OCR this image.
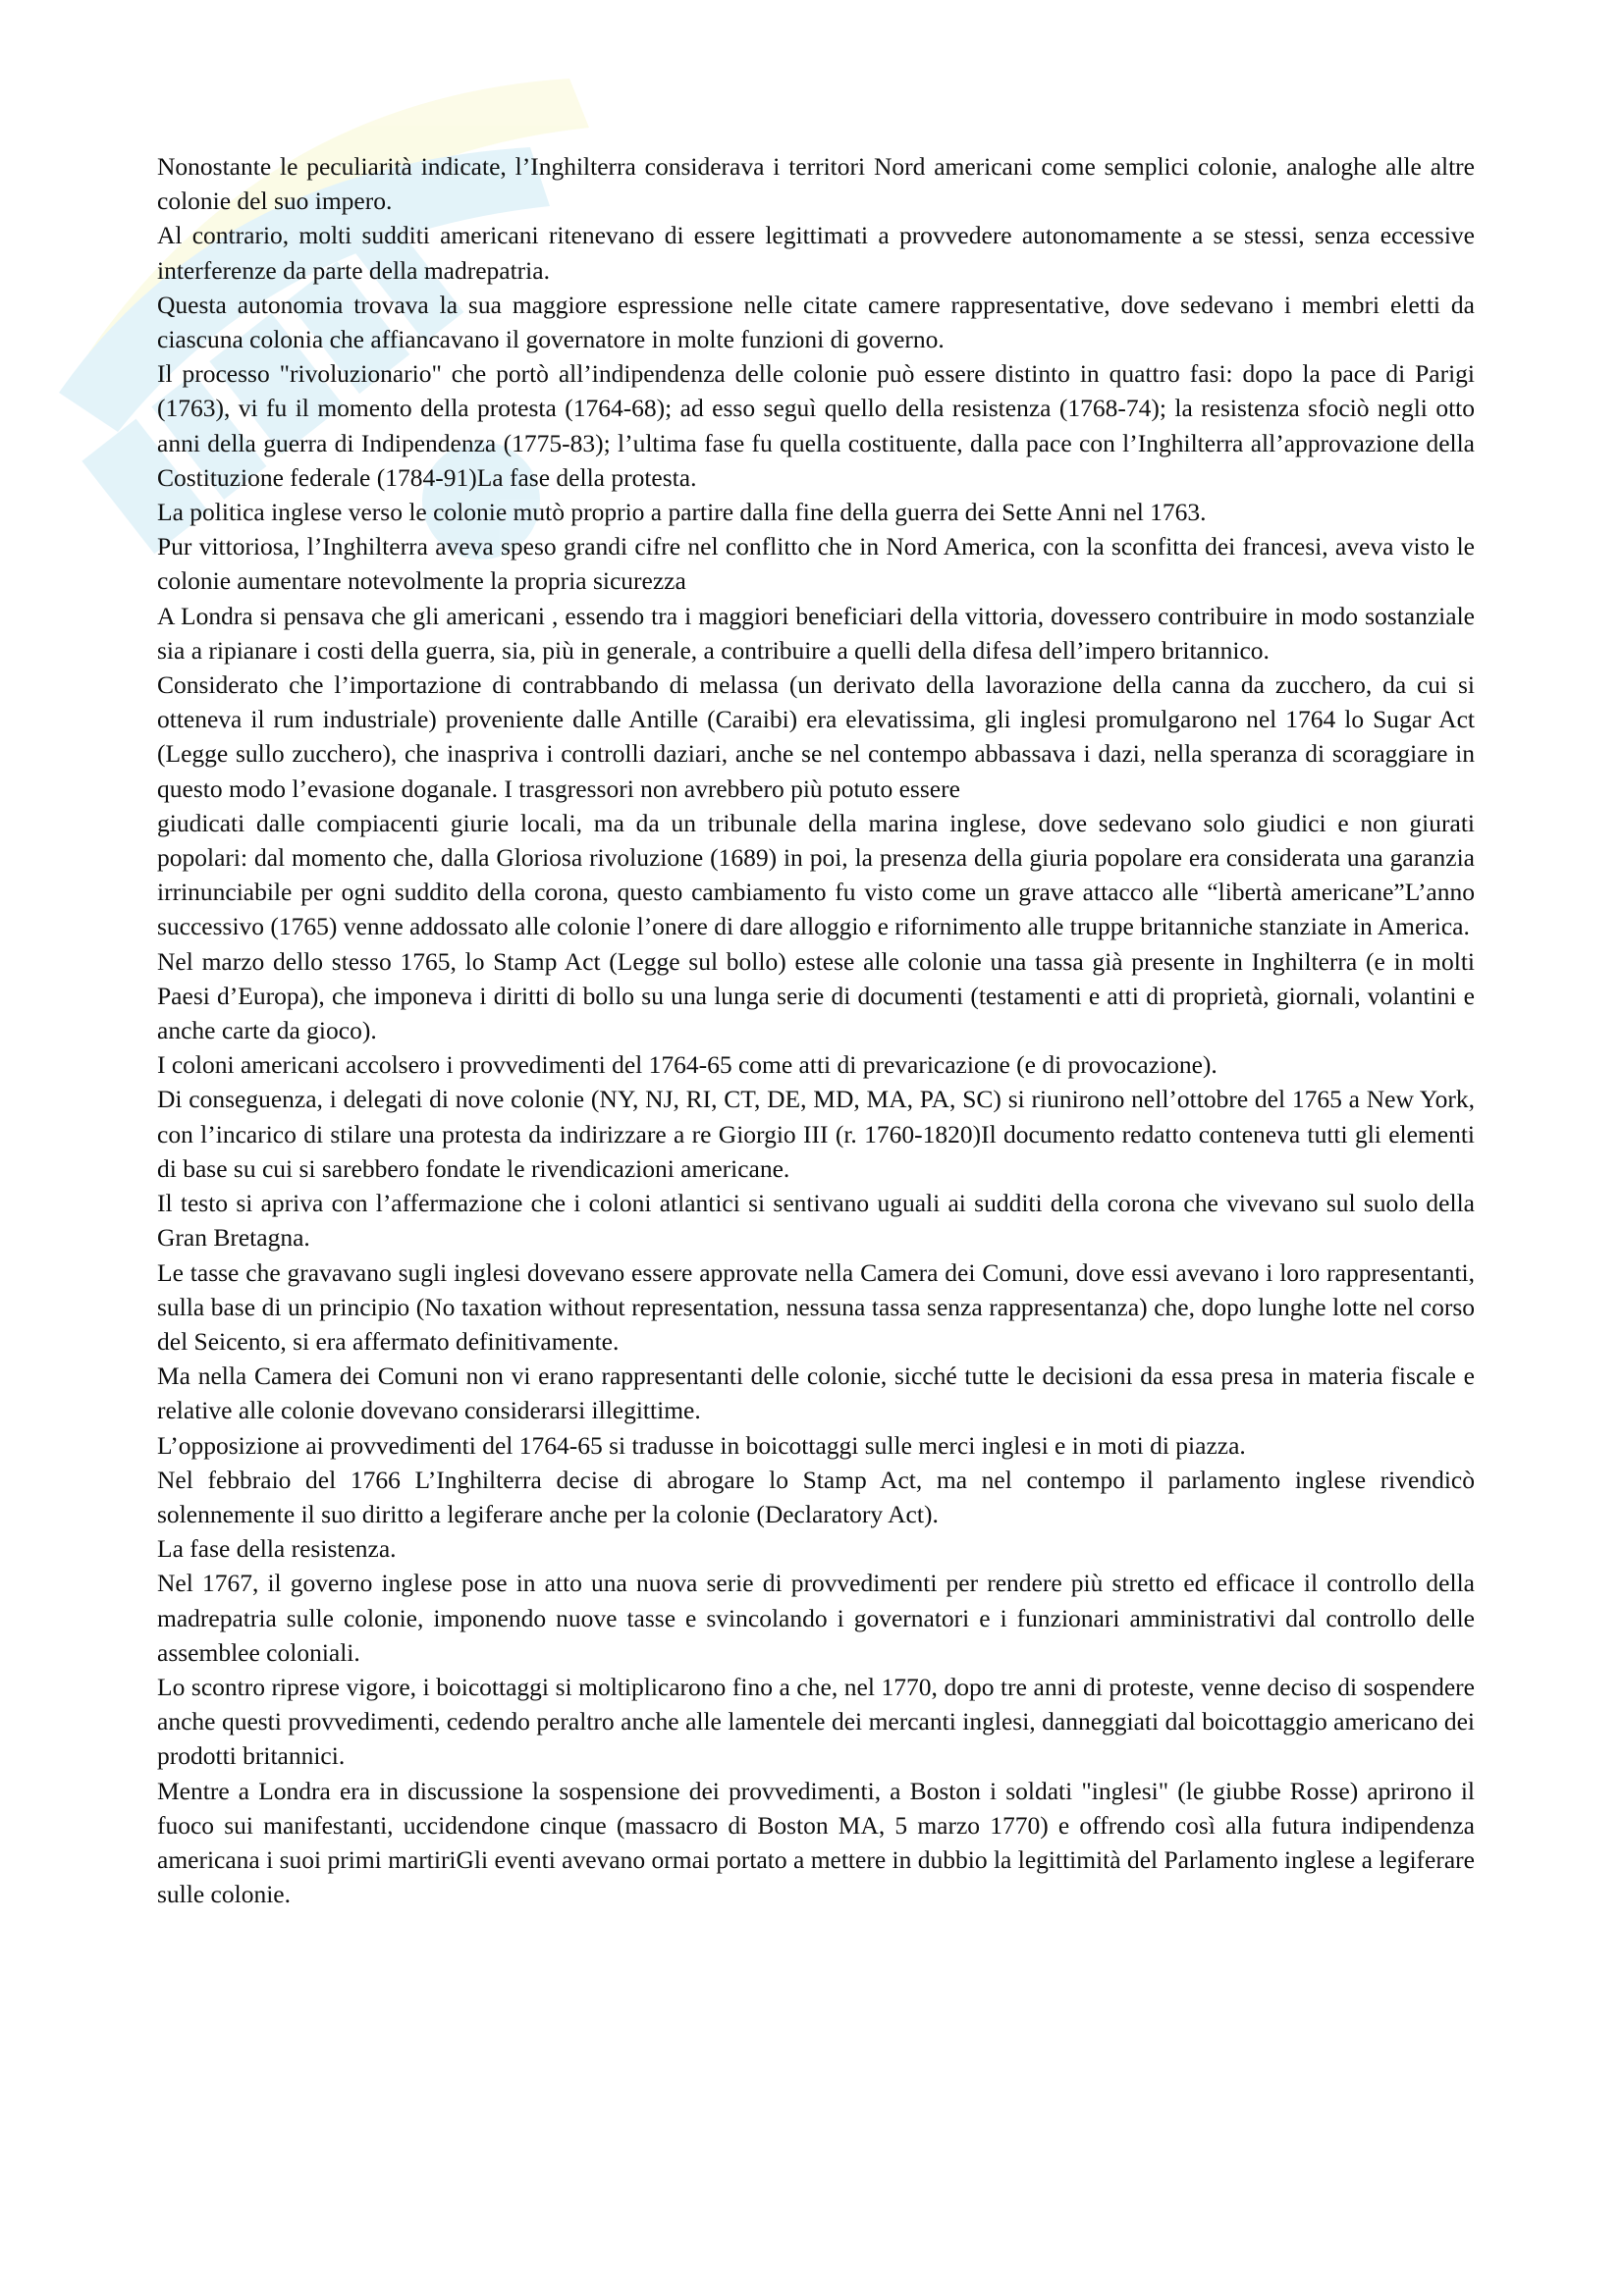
Nonostante le peculiarità indicate, l’Inghilterra considerava i territori Nord americani come semplici colonie, analoghe alle altre colonie del suo impero.

Al contrario, molti sudditi americani ritenevano di essere legittimati a provvedere autonomamente a se stessi, senza eccessive interferenze da parte della madrepatria.

Questa autonomia trovava la sua maggiore espressione nelle citate camere rappresentative, dove sedevano i membri eletti da ciascuna colonia che affiancavano il governatore in molte funzioni di governo.

Il processo "rivoluzionario" che portò all’indipendenza delle colonie può essere distinto in quattro fasi: dopo la pace di Parigi (1763), vi fu il momento della protesta (1764-68); ad esso seguì quello della resistenza (1768-74); la resistenza sfociò negli otto anni della guerra di Indipendenza (1775-83); l’ultima fase fu quella costituente, dalla pace con l’Inghilterra all’approvazione della Costituzione federale (1784-91)La fase della protesta.

La politica inglese verso le colonie mutò proprio a partire dalla fine della guerra dei Sette Anni nel 1763.

Pur vittoriosa, l’Inghilterra aveva speso grandi cifre nel conflitto che in Nord America, con la sconfitta dei francesi, aveva visto le colonie aumentare notevolmente la propria sicurezza

A Londra si pensava che gli americani , essendo tra i maggiori beneficiari della vittoria, dovessero contribuire in modo sostanziale sia a ripianare i costi della guerra, sia, più in generale, a contribuire a quelli della difesa dell’impero britannico.

Considerato che l’importazione di contrabbando di melassa (un derivato della lavorazione della canna da zucchero, da cui si otteneva il rum industriale) proveniente dalle Antille (Caraibi) era elevatissima, gli inglesi promulgarono nel 1764 lo Sugar Act (Legge sullo zucchero), che inaspriva i controlli daziari, anche se nel contempo abbassava i dazi, nella speranza di scoraggiare in questo modo l’evasione doganale. I trasgressori non avrebbero più potuto essere

giudicati dalle compiacenti giurie locali, ma da un tribunale della marina inglese, dove sedevano solo giudici e non giurati popolari: dal momento che, dalla Gloriosa rivoluzione (1689) in poi, la presenza della giuria popolare era considerata una garanzia irrinunciabile per ogni suddito della corona, questo cambiamento fu visto come un grave attacco alle “libertà americane”L’anno successivo (1765) venne addossato alle colonie l’onere di dare alloggio e rifornimento alle truppe britanniche stanziate in America.

Nel marzo dello stesso 1765, lo Stamp Act (Legge sul bollo) estese alle colonie una tassa già presente in Inghilterra (e in molti Paesi d’Europa), che imponeva i diritti di bollo su una lunga serie di documenti (testamenti e atti di proprietà, giornali, volantini e anche carte da gioco).

I coloni americani accolsero i provvedimenti del 1764-65 come atti di prevaricazione (e di provocazione).

Di conseguenza, i delegati di nove colonie (NY, NJ, RI, CT, DE, MD, MA, PA, SC) si riunirono nell’ottobre del 1765 a New York, con l’incarico di stilare una protesta da indirizzare a re Giorgio III (r. 1760-1820)Il documento redatto conteneva tutti gli elementi di base su cui si sarebbero fondate le rivendicazioni americane.

Il testo si apriva con l’affermazione che i coloni atlantici si sentivano uguali ai sudditi della corona che vivevano sul suolo della Gran Bretagna.

Le tasse che gravavano sugli inglesi dovevano essere approvate nella Camera dei Comuni, dove essi avevano i loro rappresentanti, sulla base di un principio (No taxation without representation, nessuna tassa senza rappresentanza) che, dopo lunghe lotte nel corso del Seicento, si era affermato definitivamente.

Ma nella Camera dei Comuni non vi erano rappresentanti delle colonie, sicché tutte le decisioni da essa presa in materia fiscale e relative alle colonie dovevano considerarsi illegittime.

L’opposizione ai provvedimenti del 1764-65 si tradusse in boicottaggi sulle merci inglesi e in moti di piazza.

Nel febbraio del 1766 L’Inghilterra decise di abrogare lo Stamp Act, ma nel contempo il parlamento inglese rivendicò solennemente il suo diritto a legiferare anche per la colonie (Declaratory Act).

La fase della resistenza.

Nel 1767, il governo inglese pose in atto una nuova serie di provvedimenti per rendere più stretto ed efficace il controllo della madrepatria sulle colonie, imponendo nuove tasse e svincolando i governatori e i funzionari amministrativi dal controllo delle assemblee coloniali.

Lo scontro riprese vigore, i boicottaggi si moltiplicarono fino a che, nel 1770, dopo tre anni di proteste, venne deciso di sospendere anche questi provvedimenti, cedendo peraltro anche alle lamentele dei mercanti inglesi, danneggiati dal boicottaggio americano dei prodotti britannici.

Mentre a Londra era in discussione la sospensione dei provvedimenti, a Boston i soldati "inglesi" (le giubbe Rosse) aprirono il fuoco sui manifestanti, uccidendone cinque (massacro di Boston MA, 5 marzo 1770) e offrendo così alla futura indipendenza americana i suoi primi martiriGli eventi avevano ormai portato a mettere in dubbio la legittimità del Parlamento inglese a legiferare sulle colonie.
